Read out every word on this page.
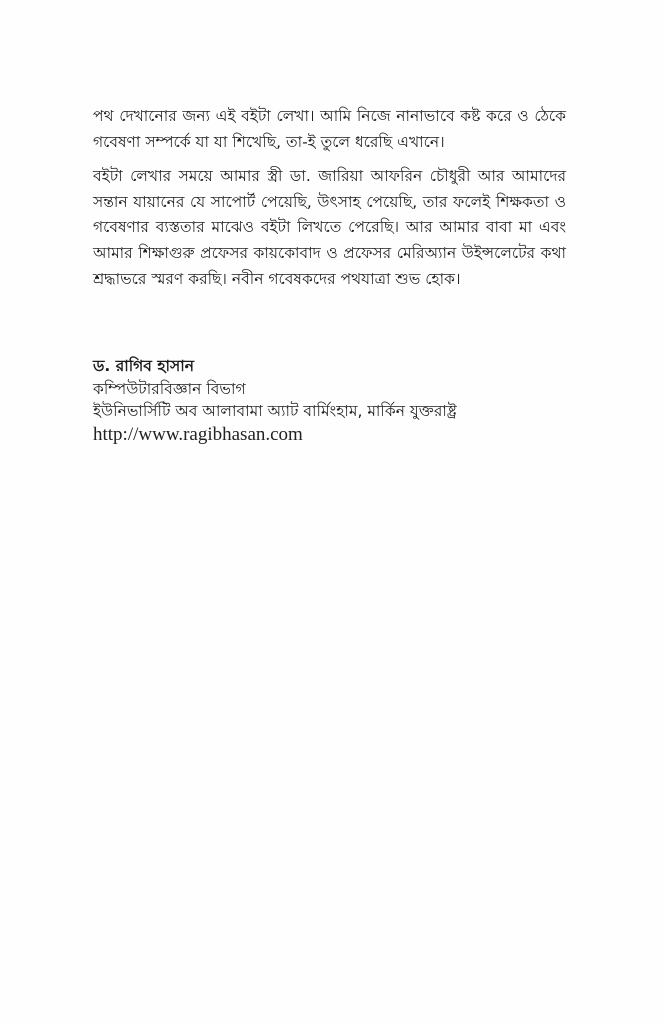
পথ দেখানোর জন্য এই বইটা লেখা। আমি নিজে নানাভাবে কষ্ট করে ও ঠেকে গবেষণা সম্পর্কে যা যা শিখেছি, তা-ই তুলে ধরেছি এখানে।

বইটা লেখার সময়ে আমার স্ত্রী ডা. জারিয়া আফরিন চৌধুরী আর আমাদের সন্তান যায়ানের যে সাপোর্ট পেয়েছি, উৎসাহ পেয়েছি, তার ফলেই শিক্ষকতা ও গবেষণার ব্যস্ততার মাঝেও বইটা লিখতে পেরেছি। আর আমার বাবা মা এবং আমার শিক্ষাগুরু প্রফেসর কায়কোবাদ ও প্রফেসর মেরিঅ্যান উইন্সলেটের কথা শ্রদ্ধাভরে স্মরণ করছি। নবীন গবেষকদের পথযাত্রা শুভ হোক।

ড. রাগিব হাসান
কম্পিউটারবিজ্ঞান বিভাগ
ইউনিভার্সিটি অব আলাবামা অ্যাট বার্মিংহাম, মার্কিন যুক্তরাষ্ট্র
http://www.ragibhasan.com
